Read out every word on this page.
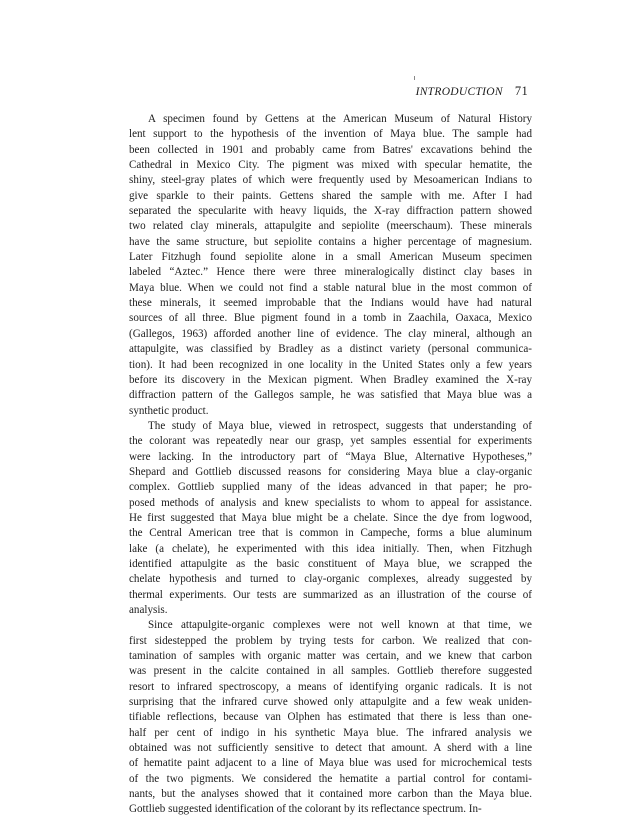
INTRODUCTION 71
A specimen found by Gettens at the American Museum of Natural History
lent support to the hypothesis of the invention of Maya blue. The sample had
been collected in 1901 and probably came from Batres' excavations behind the
Cathedral in Mexico City. The pigment was mixed with specular hematite, the
shiny, steel-gray plates of which were frequently used by Mesoamerican Indians to
give sparkle to their paints. Gettens shared the sample with me. After I had
separated the specularite with heavy liquids, the X-ray diffraction pattern showed
two related clay minerals, attapulgite and sepiolite (meerschaum). These minerals
have the same structure, but sepiolite contains a higher percentage of magnesium.
Later Fitzhugh found sepiolite alone in a small American Museum specimen
labeled “Aztec.” Hence there were three mineralogically distinct clay bases in
Maya blue. When we could not find a stable natural blue in the most common of
these minerals, it seemed improbable that the Indians would have had natural
sources of all three. Blue pigment found in a tomb in Zaachila, Oaxaca, Mexico
(Gallegos, 1963) afforded another line of evidence. The clay mineral, although an
attapulgite, was classified by Bradley as a distinct variety (personal communica-
tion). It had been recognized in one locality in the United States only a few years
before its discovery in the Mexican pigment. When Bradley examined the X-ray
diffraction pattern of the Gallegos sample, he was satisfied that Maya blue was a
synthetic product.
The study of Maya blue, viewed in retrospect, suggests that understanding of
the colorant was repeatedly near our grasp, yet samples essential for experiments
were lacking. In the introductory part of “Maya Blue, Alternative Hypotheses,”
Shepard and Gottlieb discussed reasons for considering Maya blue a clay-organic
complex. Gottlieb supplied many of the ideas advanced in that paper; he pro-
posed methods of analysis and knew specialists to whom to appeal for assistance.
He first suggested that Maya blue might be a chelate. Since the dye from logwood,
the Central American tree that is common in Campeche, forms a blue aluminum
lake (a chelate), he experimented with this idea initially. Then, when Fitzhugh
identified attapulgite as the basic constituent of Maya blue, we scrapped the
chelate hypothesis and turned to clay-organic complexes, already suggested by
thermal experiments. Our tests are summarized as an illustration of the course of
analysis.
Since attapulgite-organic complexes were not well known at that time, we
first sidestepped the problem by trying tests for carbon. We realized that con-
tamination of samples with organic matter was certain, and we knew that carbon
was present in the calcite contained in all samples. Gottlieb therefore suggested
resort to infrared spectroscopy, a means of identifying organic radicals. It is not
surprising that the infrared curve showed only attapulgite and a few weak uniden-
tifiable reflections, because van Olphen has estimated that there is less than one-
half per cent of indigo in his synthetic Maya blue. The infrared analysis we
obtained was not sufficiently sensitive to detect that amount. A sherd with a line
of hematite paint adjacent to a line of Maya blue was used for microchemical tests
of the two pigments. We considered the hematite a partial control for contami-
nants, but the analyses showed that it contained more carbon than the Maya blue.
Gottlieb suggested identification of the colorant by its reflectance spectrum. In-
